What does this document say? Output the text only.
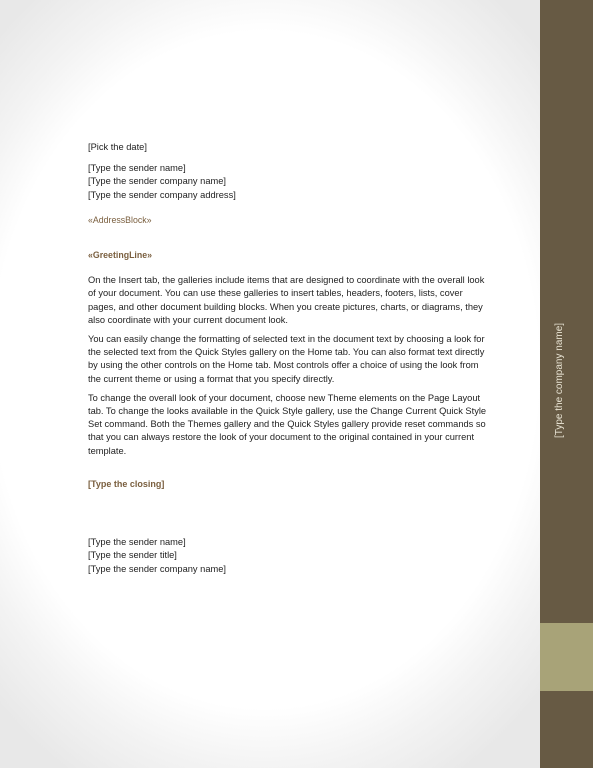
[Type the company name]
[Pick the date]
[Type the sender name]
[Type the sender company name]
[Type the sender company address]
«AddressBlock»
«GreetingLine»

On the Insert tab, the galleries include items that are designed to coordinate with the overall look of your document. You can use these galleries to insert tables, headers, footers, lists, cover pages, and other document building blocks. When you create pictures, charts, or diagrams, they also coordinate with your current document look.

You can easily change the formatting of selected text in the document text by choosing a look for the selected text from the Quick Styles gallery on the Home tab. You can also format text directly by using the other controls on the Home tab. Most controls offer a choice of using the look from the current theme or using a format that you specify directly.

To change the overall look of your document, choose new Theme elements on the Page Layout tab. To change the looks available in the Quick Style gallery, use the Change Current Quick Style Set command. Both the Themes gallery and the Quick Styles gallery provide reset commands so that you can always restore the look of your document to the original contained in your current template.

[Type the closing]
[Type the sender name]
[Type the sender title]
[Type the sender company name]
